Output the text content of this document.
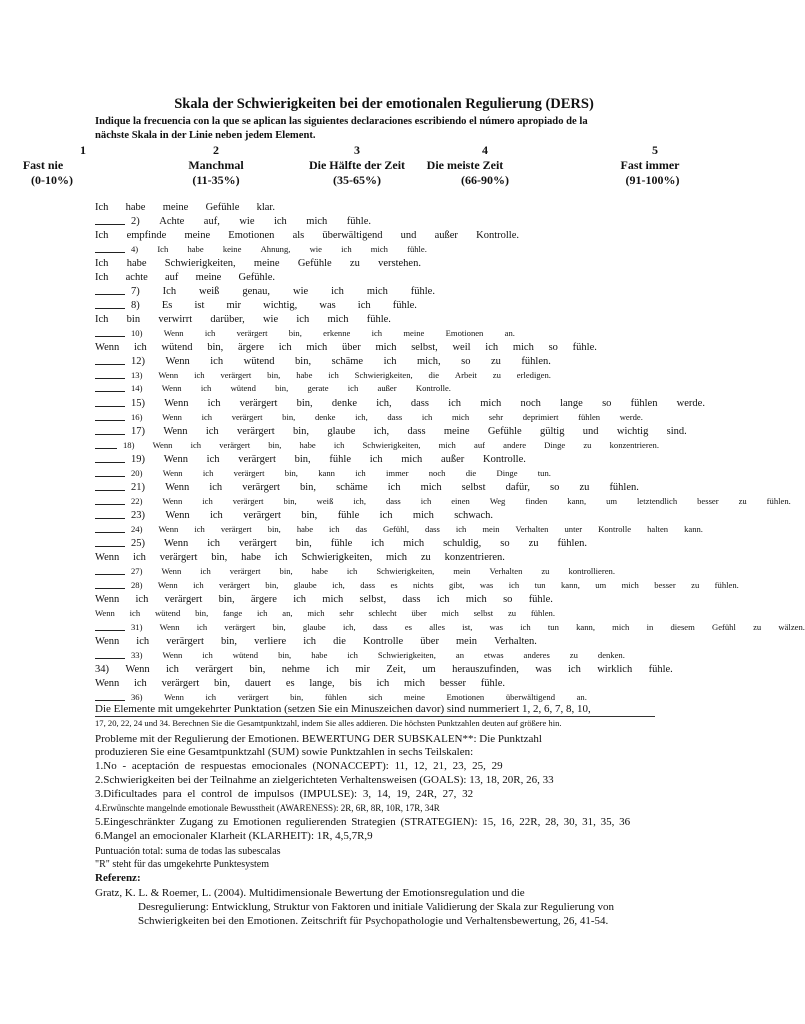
Skala der Schwierigkeiten bei der emotionalen Regulierung (DERS)
Indique la frecuencia con la que se aplican las siguientes declaraciones escribiendo el número apropiado de la
nächste Skala in der Linie neben jedem Element.
1
Fast nie
(0-10%)
2
Manchmal
(11-35%)
3
Die Hälfte der Zeit
(35-65%)
4
Die meiste Zeit
(66-90%)
5
Fast immer
(91-100%)
Ich habe meine Gefühle klar.
2) Achte auf, wie ich mich fühle.
Ich empfinde meine Emotionen als überwältigend und außer Kontrolle.
4) Ich habe keine Ahnung, wie ich mich fühle.
Ich habe Schwierigkeiten, meine Gefühle zu verstehen.
Ich achte auf meine Gefühle.
7) Ich weiß genau, wie ich mich fühle.
8) Es ist mir wichtig, was ich fühle.
Ich bin verwirrt darüber, wie ich mich fühle.
10) Wenn ich verärgert bin, erkenne ich meine Emotionen an.
Wenn ich wütend bin, ärgere ich mich über mich selbst, weil ich mich so fühle.
12) Wenn ich wütend bin, schäme ich mich, so zu fühlen.
13) Wenn ich verärgert bin, habe ich Schwierigkeiten, die Arbeit zu erledigen.
14) Wenn ich wütend bin, gerate ich außer Kontrolle.
15) Wenn ich verärgert bin, denke ich, dass ich mich noch lange so fühlen werde.
16) Wenn ich verärgert bin, denke ich, dass ich mich sehr deprimiert fühlen werde.
17) Wenn ich verärgert bin, glaube ich, dass meine Gefühle gültig und wichtig sind.
18) Wenn ich verärgert bin, habe ich Schwierigkeiten, mich auf andere Dinge zu konzentrieren.
19) Wenn ich verärgert bin, fühle ich mich außer Kontrolle.
20) Wenn ich verärgert bin, kann ich immer noch die Dinge tun.
21) Wenn ich verärgert bin, schäme ich mich selbst dafür, so zu fühlen.
22) Wenn ich verärgert bin, weiß ich, dass ich einen Weg finden kann, um letztendlich besser zu fühlen.
23) Wenn ich verärgert bin, fühle ich mich schwach.
24) Wenn ich verärgert bin, habe ich das Gefühl, dass ich mein Verhalten unter Kontrolle halten kann.
25) Wenn ich verärgert bin, fühle ich mich schuldig, so zu fühlen.
Wenn ich verärgert bin, habe ich Schwierigkeiten, mich zu konzentrieren.
27) Wenn ich verärgert bin, habe ich Schwierigkeiten, mein Verhalten zu kontrollieren.
28) Wenn ich verärgert bin, glaube ich, dass es nichts gibt, was ich tun kann, um mich besser zu fühlen.
Wenn ich verärgert bin, ärgere ich mich selbst, dass ich mich so fühle.
Wenn ich wütend bin, fange ich an, mich sehr schlecht über mich selbst zu fühlen.
31) Wenn ich verärgert bin, glaube ich, dass es alles ist, was ich tun kann, mich in diesem Gefühl zu wälzen.
Wenn ich verärgert bin, verliere ich die Kontrolle über mein Verhalten.
33) Wenn ich wütend bin, habe ich Schwierigkeiten, an etwas anderes zu denken.
34) Wenn ich verärgert bin, nehme ich mir Zeit, um herauszufinden, was ich wirklich fühle.
Wenn ich verärgert bin, dauert es lange, bis ich mich besser fühle.
36)	Wenn	ich	verärgert	bin,	fühlen	sich	meine	Emotionen	überwältigend	an.
Die Elemente mit umgekehrter Punktation (setzen Sie ein Minuszeichen davor) sind nummeriert 1, 2, 6, 7, 8, 10,
17, 20, 22, 24 und 34. Berechnen Sie die Gesamtpunktzahl, indem Sie alles addieren. Die höchsten Punktzahlen deuten auf größere hin.
Probleme mit der Regulierung der Emotionen. BEWERTUNG DER SUBSKALEN**: Die Punktzahl
produzieren Sie eine Gesamtpunktzahl (SUM) sowie Punktzahlen in sechs Teilskalen:
1.No - aceptación de respuestas emocionales (NONACCEPT): 11, 12, 21, 23, 25, 29
2.Schwierigkeiten bei der Teilnahme an zielgerichteten Verhaltensweisen (GOALS): 13, 18, 20R, 26, 33
3.Dificultades para el control de impulsos (IMPULSE): 3, 14, 19, 24R, 27, 32
4.Erwünschte mangelnde emotionale Bewusstheit (AWARENESS): 2R, 6R, 8R, 10R, 17R, 34R
5.Eingeschränkter Zugang zu Emotionen regulierenden Strategien (STRATEGIEN): 15, 16, 22R, 28, 30, 31, 35, 36
6.Mangel an emocionaler Klarheit (KLARHEIT): 1R, 4,5,7R,9
Puntuación total: suma de todas las subescalas
"R" steht für das umgekehrte Punktesystem
Referenz:
Gratz, K. L. & Roemer, L. (2004). Multidimensionale Bewertung der Emotionsregulation und die
Desregulierung: Entwicklung, Struktur von Faktoren und initiale Validierung der Skala zur Regulierung von
Schwierigkeiten bei den Emotionen. Zeitschrift für Psychopathologie und Verhaltensbewertung, 26, 41-54.
